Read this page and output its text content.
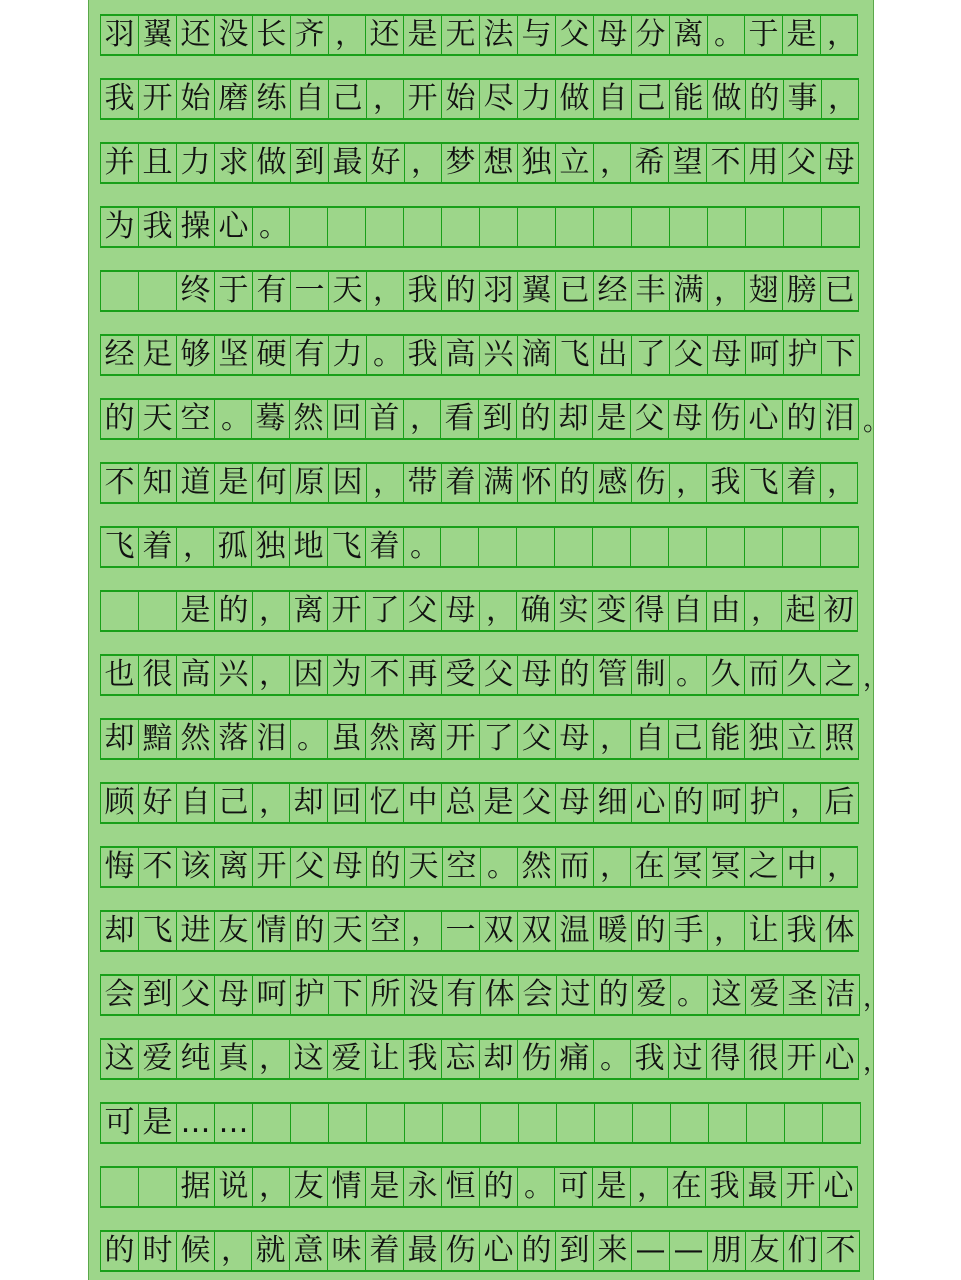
羽 翼 还 没 长 齐 ， 还 是 无 法 与 父 母 分 离 。 于 是 ，
我 开 始 磨 练 自 己 ， 开 始 尽 力 做 自 己 能 做 的 事 ，
并 且 力 求 做 到 最 好 ， 梦 想 独 立 ， 希 望 不 用 父 母
为 我 操 心 。
终 于 有 一 天 ， 我 的 羽 翼 已 经 丰 满 ， 翅 膀 已
经 足 够 坚 硬 有 力 。 我 高 兴 滴 飞 出 了 父 母 呵 护 下
的 天 空 。 蓦 然 回 首 ， 看 到 的 却 是 父 母 伤 心 的 泪 。
不 知 道 是 何 原 因 ， 带 着 满 怀 的 感 伤 ， 我 飞 着 ，
飞 着 ， 孤 独 地 飞 着 。
是 的 ， 离 开 了 父 母 ， 确 实 变 得 自 由 ， 起 初
也 很 高 兴 ， 因 为 不 再 受 父 母 的 管 制 。 久 而 久 之 ，
却 黯 然 落 泪 。 虽 然 离 开 了 父 母 ， 自 己 能 独 立 照
顾 好 自 己 ， 却 回 忆 中 总 是 父 母 细 心 的 呵 护 ， 后
悔 不 该 离 开 父 母 的 天 空 。 然 而 ， 在 冥 冥 之 中 ，
却 飞 进 友 情 的 天 空 ， 一 双 双 温 暖 的 手 ， 让 我 体
会 到 父 母 呵 护 下 所 没 有 体 会 过 的 爱 。 这 爱 圣 洁 ，
这 爱 纯 真 ， 这 爱 让 我 忘 却 伤 痛 。 我 过 得 很 开 心 ，
可 是 … …
据 说 ， 友 情 是 永 恒 的 。 可 是 ， 在 我 最 开 心
的 时 候 ， 就 意 味 着 最 伤 心 的 到 来 — — 朋 友 们 不
